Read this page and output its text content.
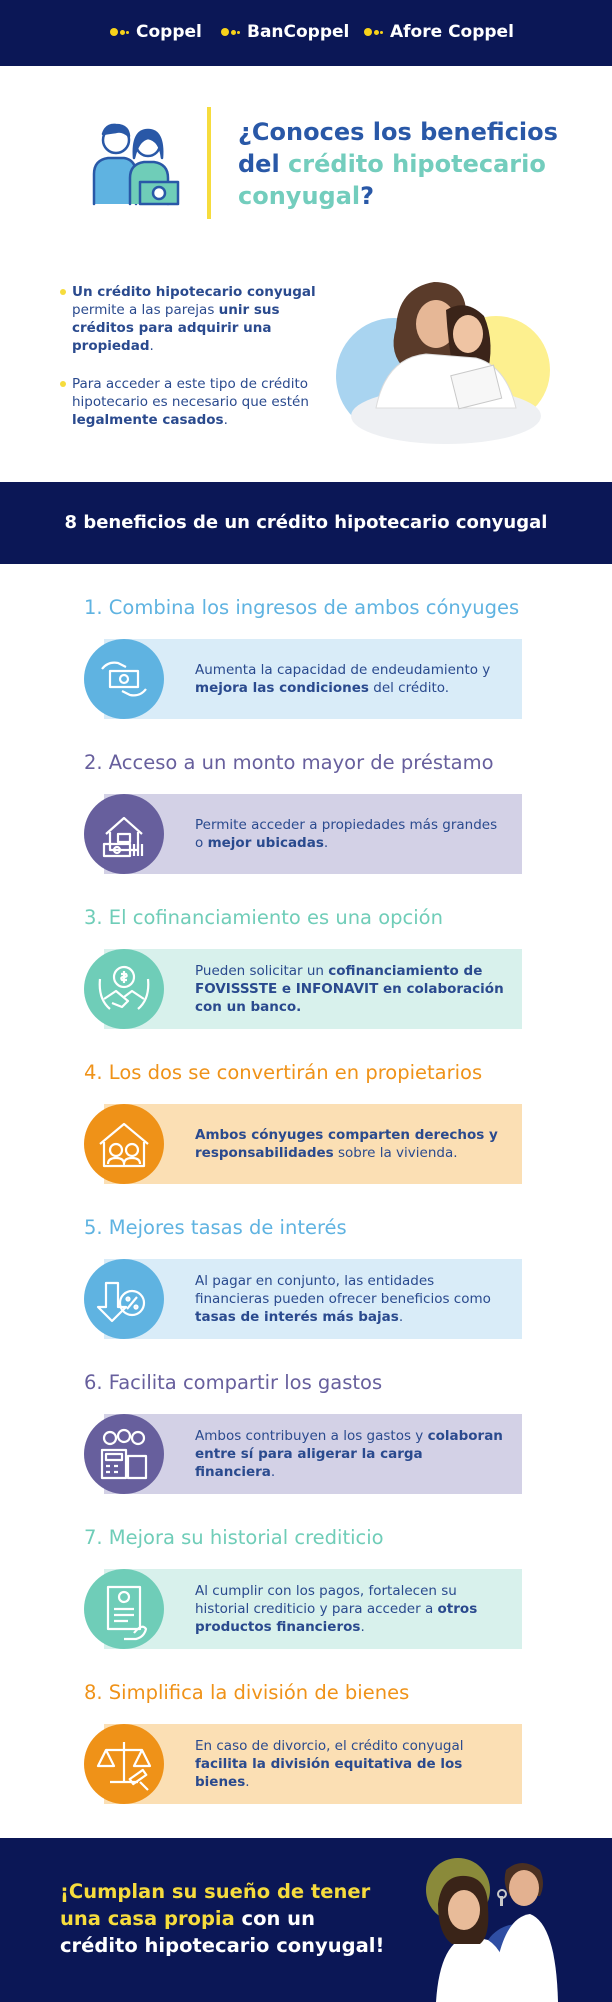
Coppel	BanCoppel Afore Coppel
¿Conoces los beneficios del crédito hipotecario conyugal?
Un crédito hipotecario conyugal permite a las parejas unir sus créditos para adquirir una propiedad.
Para acceder a este tipo de crédito hipotecario es necesario que estén legalmente casados.
8 beneficios de un crédito hipotecario conyugal
1. Combina los ingresos de ambos cónyuges
Aumenta la capacidad de endeudamiento y mejora las condiciones del crédito.
2. Acceso a un monto mayor de préstamo
Permite acceder a propiedades más grandes o mejor ubicadas.
3. El cofinanciamiento es una opción
Pueden solicitar un cofinanciamiento de FOVISSSTE e INFONAVIT en colaboración con un banco.
4. Los dos se convertirán en propietarios
Ambos cónyuges comparten derechos y responsabilidades sobre la vivienda.
5. Mejores tasas de interés
Al pagar en conjunto, las entidades financieras pueden ofrecer beneficios como tasas de interés más bajas.
6. Facilita compartir los gastos
Ambos contribuyen a los gastos y colaboran entre sí para aligerar la carga financiera.
7. Mejora su historial crediticio
Al cumplir con los pagos, fortalecen su historial crediticio y para acceder a otros productos financieros.
8. Simplifica la división de bienes
En caso de divorcio, el crédito conyugal facilita la división equitativa de los bienes.
¡Cumplan su sueño de tener una casa propia con un crédito hipotecario conyugal!
